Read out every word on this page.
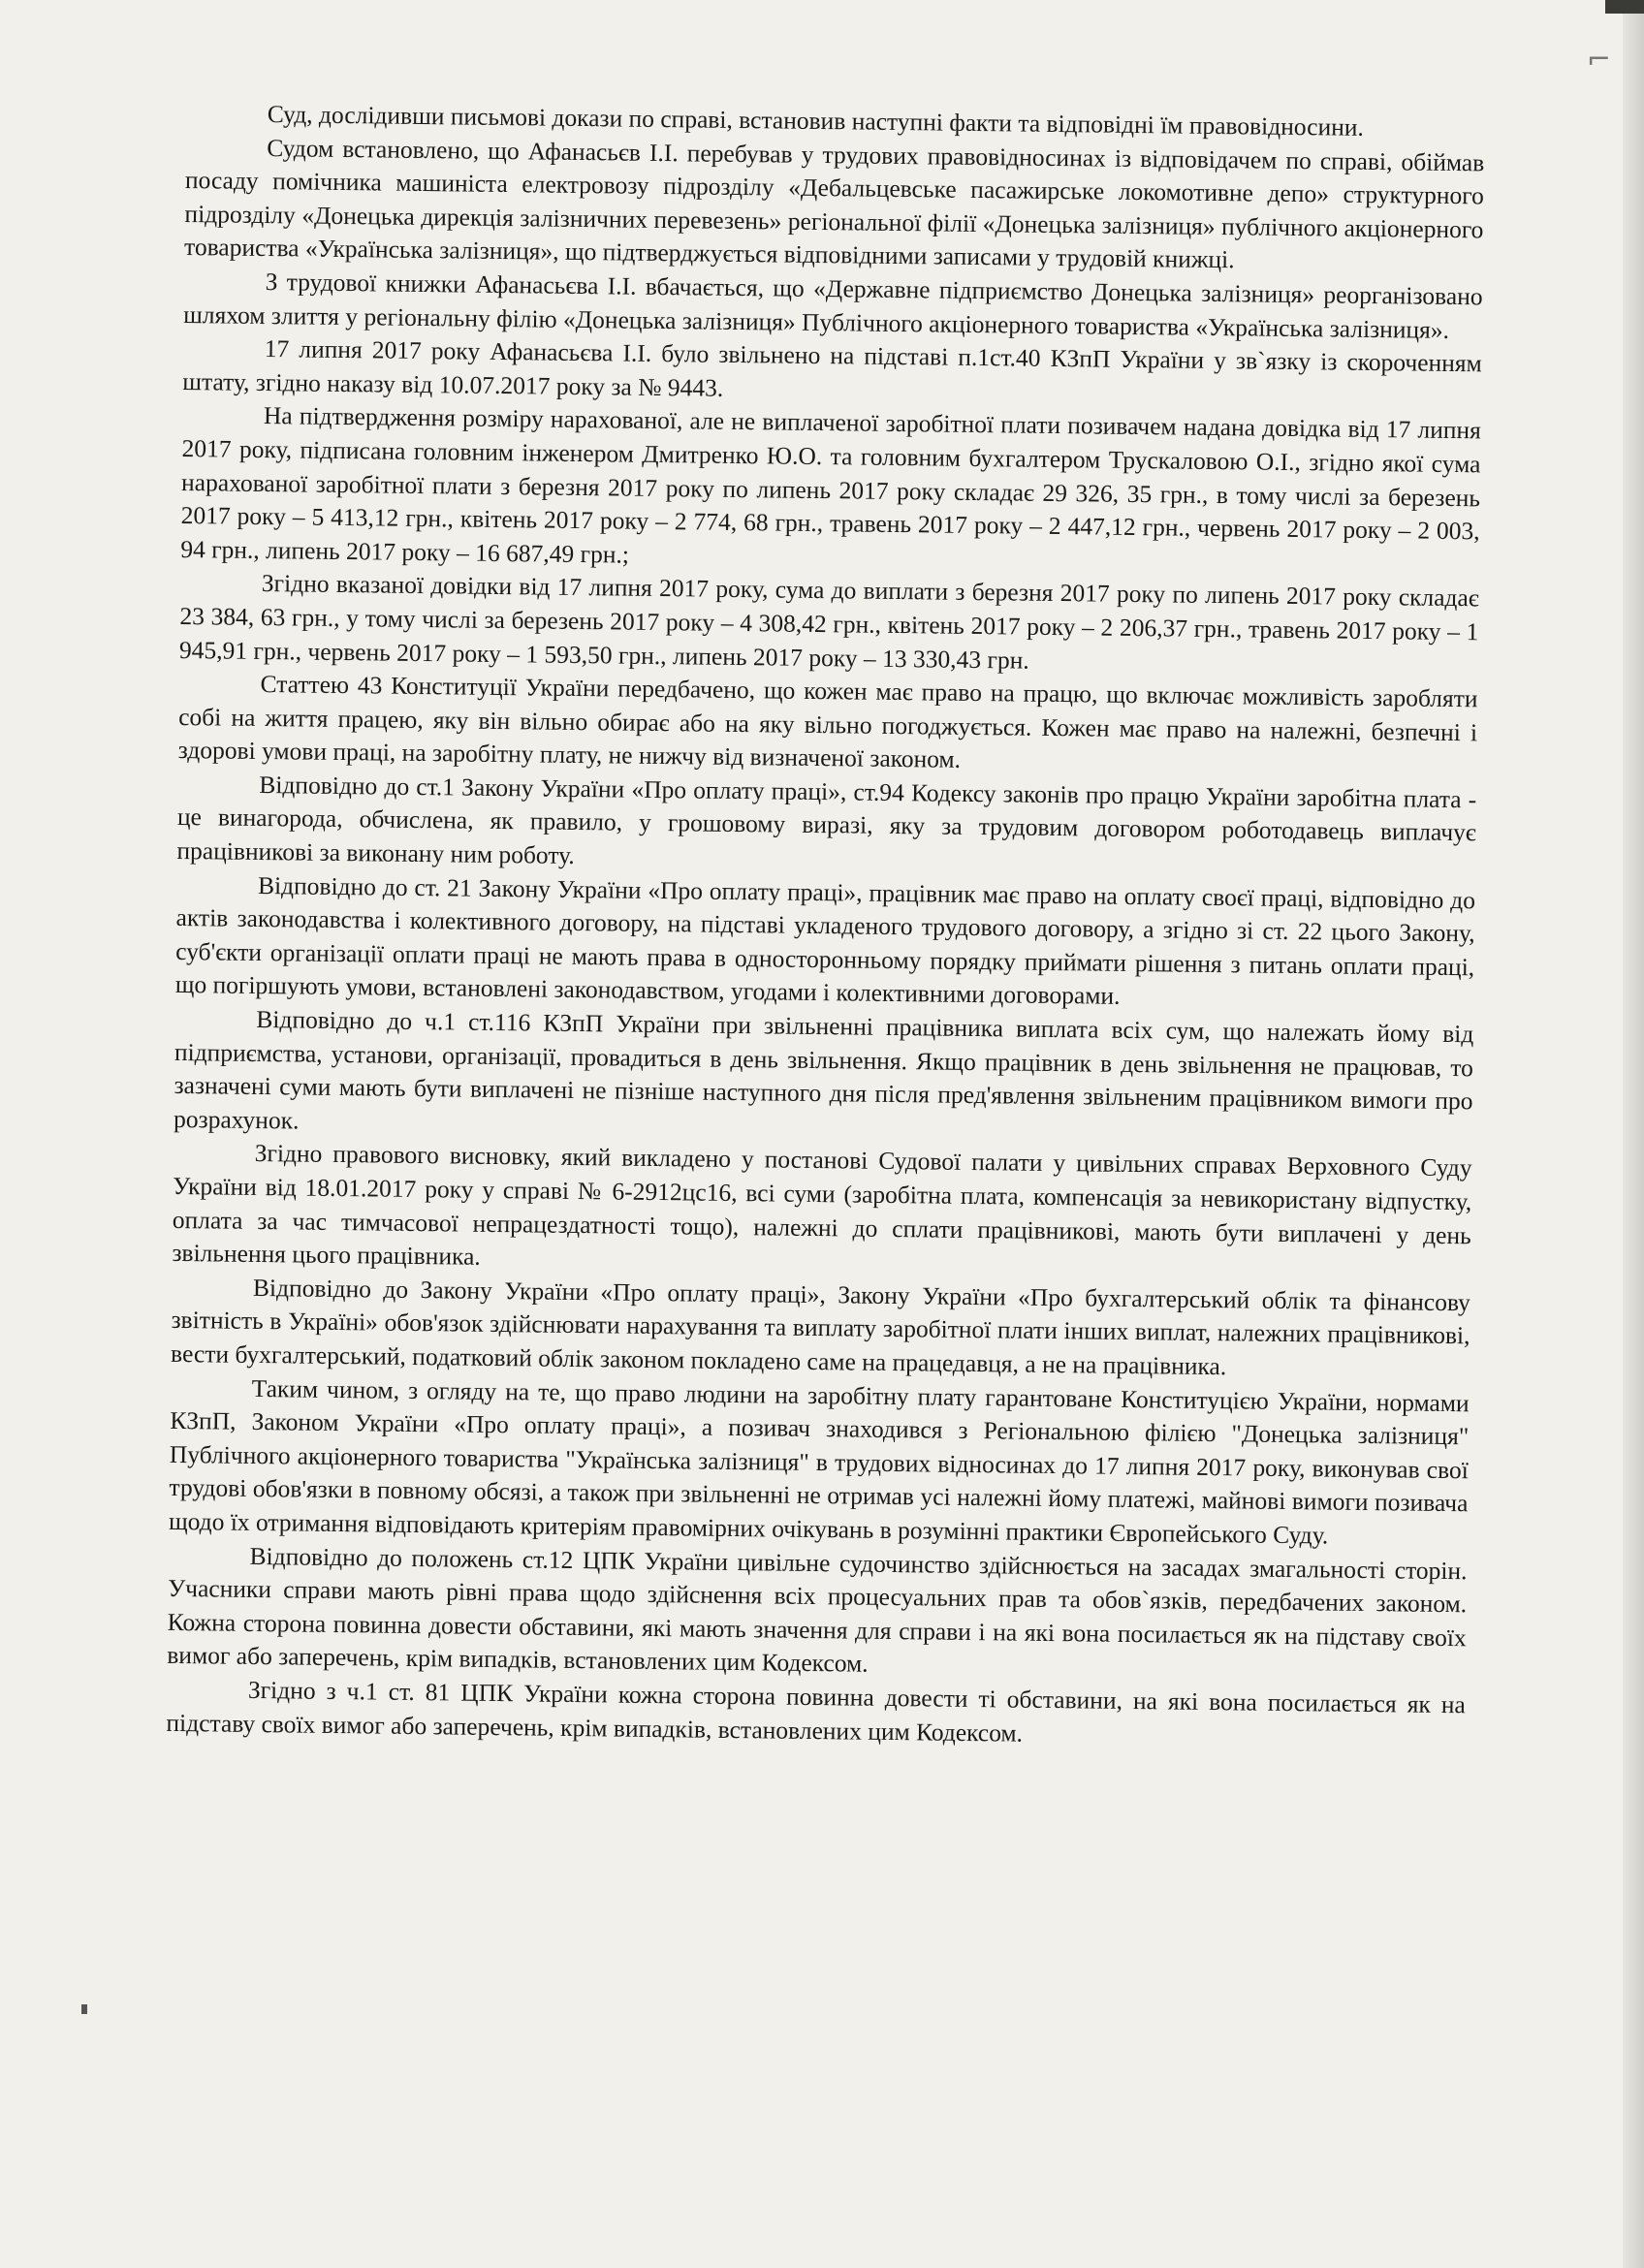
⌐

Суд, дослідивши письмові докази по справі, встановив наступні факти та відповідні їм правовідносини.

Судом встановлено, що Афанасьєв І.І. перебував у трудових правовідносинах із відповідачем по справі, обіймав посаду помічника машиніста електровозу підрозділу «Дебальцевське пасажирське локомотивне депо» структурного підрозділу «Донецька дирекція залізничних перевезень» регіональної філії «Донецька залізниця» публічного акціонерного товариства «Українська залізниця», що підтверджується відповідними записами у трудовій книжці.

З трудової книжки Афанасьєва І.І. вбачається, що «Державне підприємство Донецька залізниця» реорганізовано шляхом злиття у регіональну філію «Донецька залізниця» Публічного акціонерного товариства «Українська залізниця».

17 липня 2017 року Афанасьєва І.І. було звільнено на підставі п.1ст.40 КЗпП України у зв`язку із скороченням штату, згідно наказу від 10.07.2017 року за № 9443.

На підтвердження розміру нарахованої, але не виплаченої заробітної плати позивачем надана довідка від 17 липня 2017 року, підписана головним інженером Дмитренко Ю.О. та головним бухгалтером Трускаловою О.І., згідно якої сума нарахованої заробітної плати з березня 2017 року по липень 2017 року складає 29 326, 35 грн., в тому числі за березень 2017 року – 5 413,12 грн., квітень 2017 року – 2 774, 68 грн., травень 2017 року – 2 447,12 грн., червень 2017 року – 2 003, 94 грн., липень 2017 року – 16 687,49 грн.;

Згідно вказаної довідки від 17 липня 2017 року, сума до виплати з березня 2017 року по липень 2017 року складає 23 384, 63 грн., у тому числі за березень 2017 року – 4 308,42 грн., квітень 2017 року – 2 206,37 грн., травень 2017 року – 1 945,91 грн., червень 2017 року – 1 593,50 грн., липень 2017 року – 13 330,43 грн.

Статтею 43 Конституції України передбачено, що кожен має право на працю, що включає можливість заробляти собі на життя працею, яку він вільно обирає або на яку вільно погоджується. Кожен має право на належні, безпечні і здорові умови праці, на заробітну плату, не нижчу від визначеної законом.

Відповідно до ст.1 Закону України «Про оплату праці», ст.94 Кодексу законів про працю України заробітна плата - це винагорода, обчислена, як правило, у грошовому виразі, яку за трудовим договором роботодавець виплачує працівникові за виконану ним роботу.

Відповідно до ст. 21 Закону України «Про оплату праці», працівник має право на оплату своєї праці, відповідно до актів законодавства і колективного договору, на підставі укладеного трудового договору, а згідно зі ст. 22 цього Закону, суб'єкти організації оплати праці не мають права в односторонньому порядку приймати рішення з питань оплати праці, що погіршують умови, встановлені законодавством, угодами і колективними договорами.

Відповідно до ч.1 ст.116 КЗпП України при звільненні працівника виплата всіх сум, що належать йому від підприємства, установи, організації, провадиться в день звільнення. Якщо працівник в день звільнення не працював, то зазначені суми мають бути виплачені не пізніше наступного дня після пред'явлення звільненим працівником вимоги про розрахунок.

Згідно правового висновку, який викладено у постанові Судової палати у цивільних справах Верховного Суду України від 18.01.2017 року у справі № 6-2912цс16, всі суми (заробітна плата, компенсація за невикористану відпустку, оплата за час тимчасової непрацездатності тощо), належні до сплати працівникові, мають бути виплачені у день звільнення цього працівника.

Відповідно до Закону України «Про оплату праці», Закону України «Про бухгалтерський облік та фінансову звітність в Україні» обов'язок здійснювати нарахування та виплату заробітної плати інших виплат, належних працівникові, вести бухгалтерський, податковий облік законом покладено саме на працедавця, а не на працівника.

Таким чином, з огляду на те, що право людини на заробітну плату гарантоване Конституцією України, нормами КЗпП, Законом України «Про оплату праці», а позивач знаходився з Регіональною філією "Донецька залізниця" Публічного акціонерного товариства "Українська залізниця" в трудових відносинах до 17 липня 2017 року, виконував свої трудові обов'язки в повному обсязі, а також при звільненні не отримав усі належні йому платежі, майнові вимоги позивача щодо їх отримання відповідають критеріям правомірних очікувань в розумінні практики Європейського Суду.

Відповідно до положень ст.12 ЦПК України цивільне судочинство здійснюється на засадах змагальності сторін. Учасники справи мають рівні права щодо здійснення всіх процесуальних прав та обов`язків, передбачених законом. Кожна сторона повинна довести обставини, які мають значення для справи і на які вона посилається як на підставу своїх вимог або заперечень, крім випадків, встановлених цим Кодексом.

Згідно з ч.1 ст. 81 ЦПК України кожна сторона повинна довести ті обставини, на які вона посилається як на підставу своїх вимог або заперечень, крім випадків, встановлених цим Кодексом.
